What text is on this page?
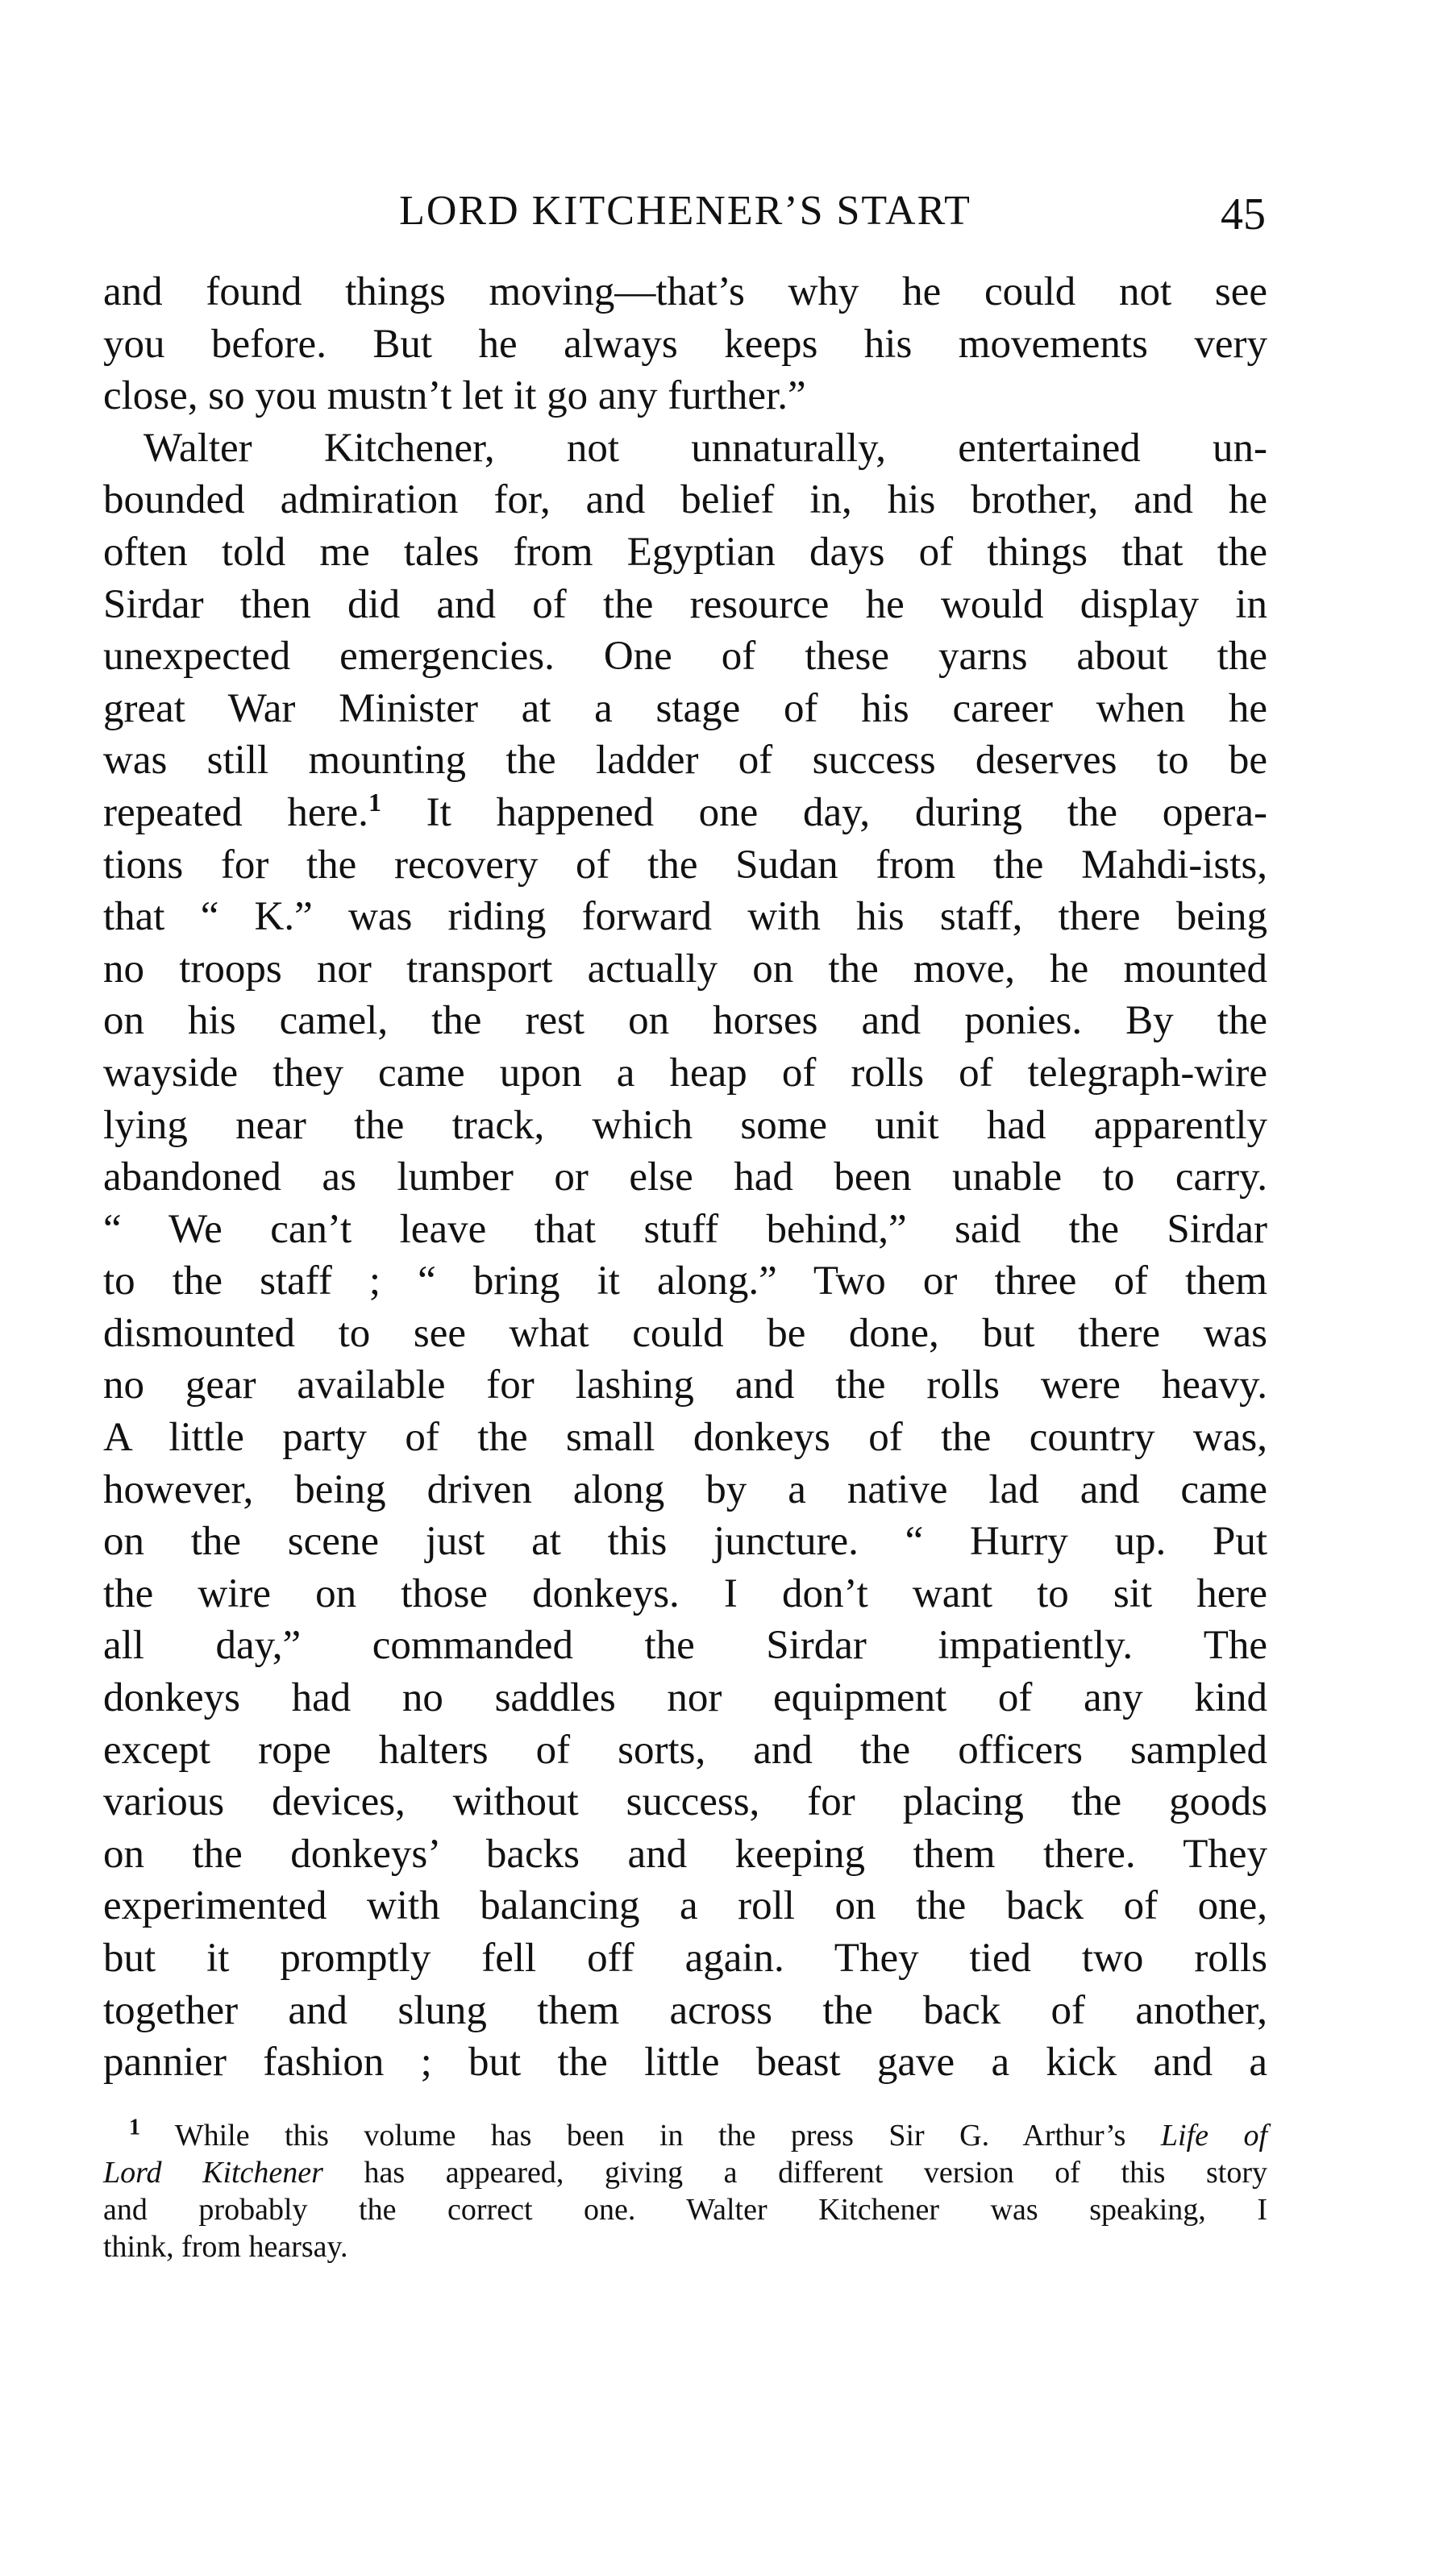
LORD KITCHENER’S START	45
and found things moving—that’s why he could not see
you before. But he always keeps his movements very
close, so you mustn’t let it go any further.”
Walter Kitchener, not unnaturally, entertained un-
bounded admiration for, and belief in, his brother, and he
often told me tales from Egyptian days of things that the
Sirdar then did and of the resource he would display in
unexpected emergencies. One of these yarns about the
great War Minister at a stage of his career when he
was still mounting the ladder of success deserves to be
repeated here.$^1$ It happened one day, during the opera-
tions for the recovery of the Sudan from the Mahdi-ists,
that “ K.” was riding forward with his staff, there being
no troops nor transport actually on the move, he mounted
on his camel, the rest on horses and ponies. By the
wayside they came upon a heap of rolls of telegraph-wire
lying near the track, which some unit had apparently
abandoned as lumber or else had been unable to carry.
“ We can’t leave that stuff behind,” said the Sirdar
to the staff ; “ bring it along.” Two or three of them
dismounted to see what could be done, but there was
no gear available for lashing and the rolls were heavy.
A little party of the small donkeys of the country was,
however, being driven along by a native lad and came
on the scene just at this juncture. “ Hurry up. Put
the wire on those donkeys. I don’t want to sit here
all day,” commanded the Sirdar impatiently. The
donkeys had no saddles nor equipment of any kind
except rope halters of sorts, and the officers sampled
various devices, without success, for placing the goods
on the donkeys’ backs and keeping them there. They
experimented with balancing a roll on the back of one,
but it promptly fell off again. They tied two rolls
together and slung them across the back of another,
pannier fashion ; but the little beast gave a kick and a
$^1$ While this volume has been in the press Sir G. Arthur’s Life of
Lord Kitchener has appeared, giving a different version of this story
and probably the correct one. Walter Kitchener was speaking, I
think, from hearsay.
